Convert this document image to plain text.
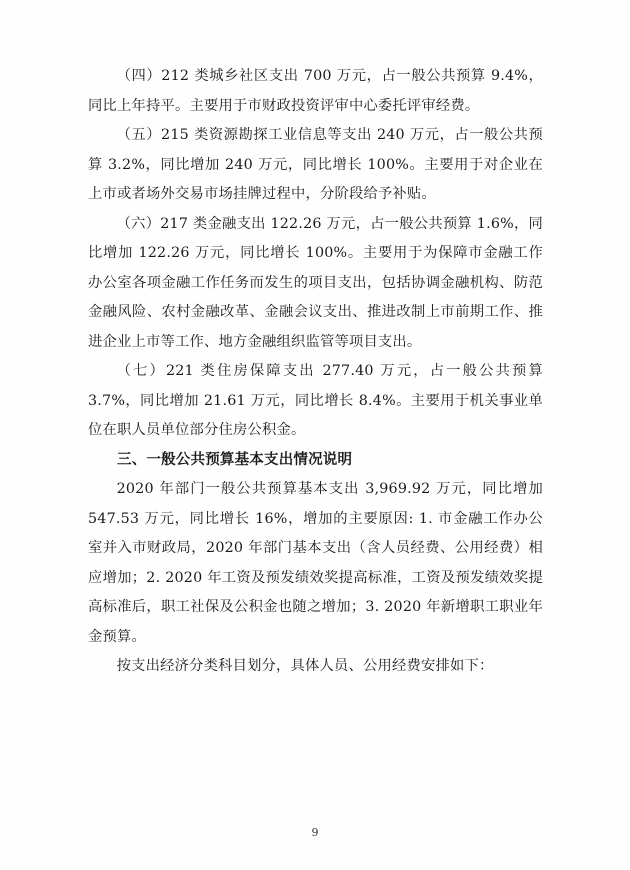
（四）212 类城乡社区支出 700 万元，占一般公共预算 9.4%，同比上年持平。主要用于市财政投资评审中心委托评审经费。

（五）215 类资源勘探工业信息等支出 240 万元，占一般公共预算 3.2%，同比增加 240 万元，同比增长 100%。主要用于对企业在上市或者场外交易市场挂牌过程中，分阶段给予补贴。

（六）217 类金融支出 122.26 万元，占一般公共预算 1.6%，同比增加 122.26 万元，同比增长 100%。主要用于为保障市金融工作办公室各项金融工作任务而发生的项目支出，包括协调金融机构、防范金融风险、农村金融改革、金融会议支出、推进改制上市前期工作、推进企业上市等工作、地方金融组织监管等项目支出。

（七）221 类住房保障支出 277.40 万元，占一般公共预算 3.7%，同比增加 21.61 万元，同比增长 8.4%。主要用于机关事业单位在职人员单位部分住房公积金。

三、一般公共预算基本支出情况说明

2020 年部门一般公共预算基本支出 3,969.92 万元，同比增加 547.53 万元，同比增长 16%，增加的主要原因: 1. 市金融工作办公室并入市财政局，2020 年部门基本支出（含人员经费、公用经费）相应增加；2. 2020 年工资及预发绩效奖提高标准，工资及预发绩效奖提高标准后，职工社保及公积金也随之增加；3. 2020 年新增职工职业年金预算。

按支出经济分类科目划分，具体人员、公用经费安排如下：

9
